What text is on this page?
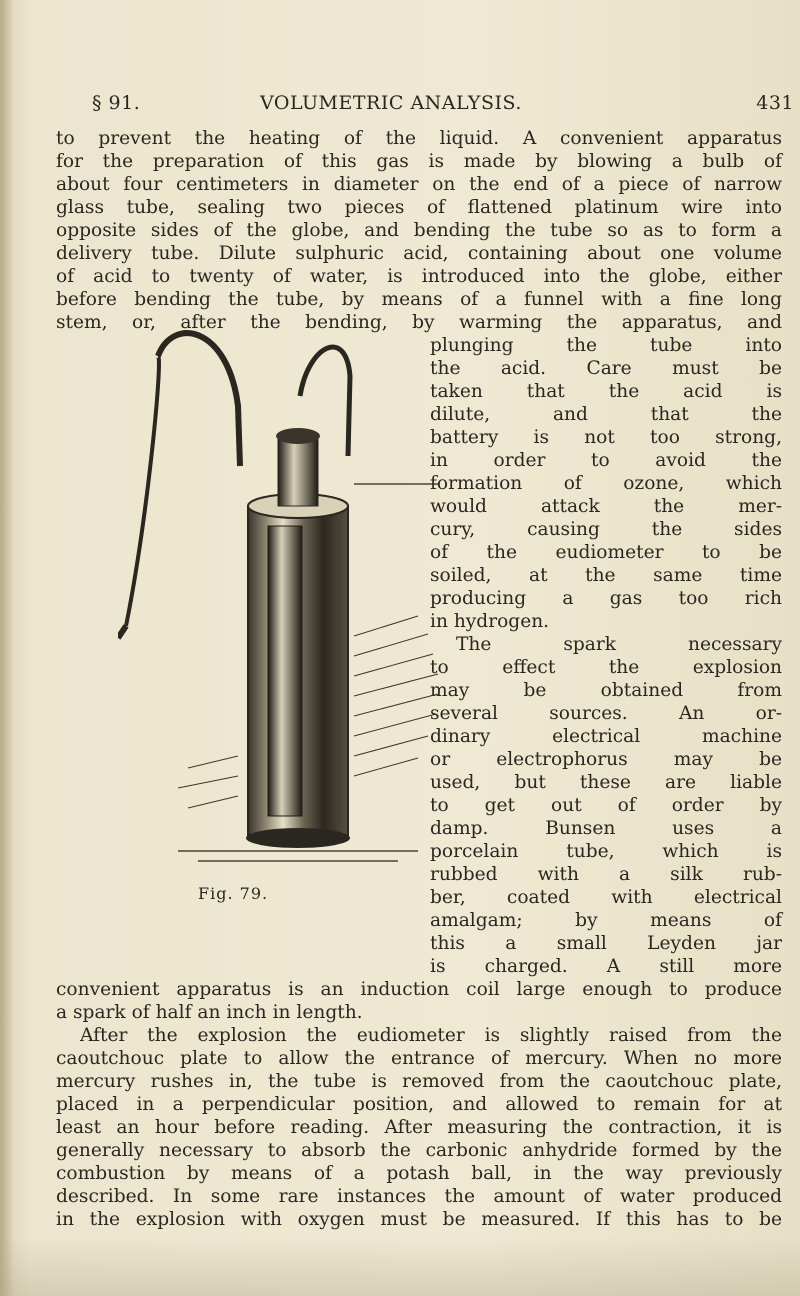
§ 91.	VOLUMETRIC ANALYSIS.	431
to prevent the heating of the liquid. A convenient apparatus
for the preparation of this gas is made by blowing a bulb of
about four centimeters in diameter on the end of a piece of narrow
glass tube, sealing two pieces of flattened platinum wire into
opposite sides of the globe, and bending the tube so as to form a
delivery tube. Dilute sulphuric acid, containing about one volume
of acid to twenty of water, is introduced into the globe, either
before bending the tube, by means of a funnel with a fine long
stem, or, after the bending, by warming the apparatus, and
plunging the tube into
the acid. Care must be
taken that the acid is
dilute, and that the
battery is not too strong,
in order to avoid the
formation of ozone, which
would attack the mer-
cury, causing the sides
of the eudiometer to be
soiled, at the same time
producing a gas too rich
in hydrogen.
The spark necessary
to effect the explosion
may be obtained from
several sources. An or-
dinary electrical machine
or electrophorus may be
used, but these are liable
to get out of order by
damp. Bunsen uses a
porcelain tube, which is
rubbed with a silk rub-
ber, coated with electrical
amalgam; by means of
this a small Leyden jar
is charged. A still more
Fig. 79.
convenient apparatus is an induction coil large enough to produce
a spark of half an inch in length.
After the explosion the eudiometer is slightly raised from the
caoutchouc plate to allow the entrance of mercury. When no more
mercury rushes in, the tube is removed from the caoutchouc plate,
placed in a perpendicular position, and allowed to remain for at
least an hour before reading. After measuring the contraction, it is
generally necessary to absorb the carbonic anhydride formed by the
combustion by means of a potash ball, in the way previously
described. In some rare instances the amount of water produced
in the explosion with oxygen must be measured. If this has to be
